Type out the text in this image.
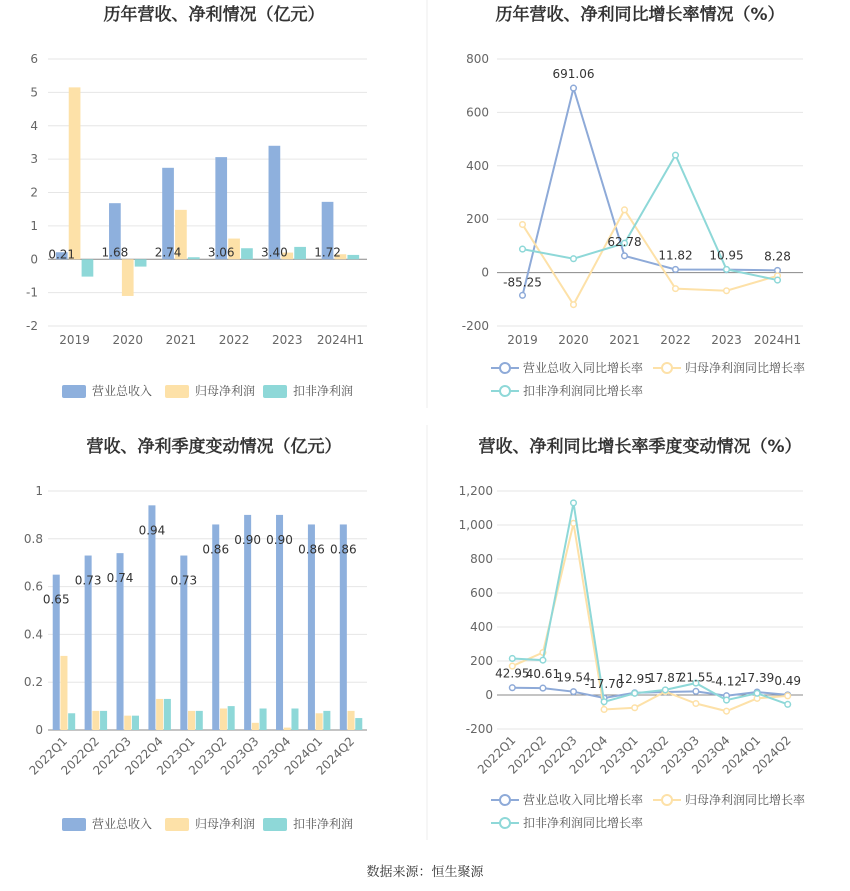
数据来源：恒生聚源
历年营收、净利情况（亿元）
-2
-1
0
1
2
3
4
5
6
2019 2020 2021 2022 2023 2024H1
0.21 1.68 2.74 3.06 3.40 1.72
营业总收入	归母净利润	扣非净利润
历年营收、净利同比增长率情况（%）
-200
0
200
400
600
800
2019 2020 2021 2022 2023 2024H1
-85.25
691.06
62.78
11.82 10.95 8.28
营业总收入同比增长率	归母净利润同比增长率
扣非净利润同比增长率
营收、净利季度变动情况（亿元）
0
0.2
0.4
0.6
0.8
1
2022Q1
2022Q2
2022Q3
2022Q4
2023Q1
2023Q2
2023Q3
2023Q4
2024Q1
2024Q2
0.65
0.73 0.74
0.94
0.73
0.86
0.90 0.90
0.86 0.86
营业总收入	归母净利润	扣非净利润
营收、净利同比增长率季度变动情况（%）
-200
0
200
400
600
800
1,000
1,200
2022Q1
2022Q2
2022Q3
2022Q4
2023Q1
2023Q2
2023Q3
2023Q4
2024Q1
2024Q2
42.95
40.61
19.54
-17.70
12.95
17.87
21.55
-4.12
17.39 0.49
营业总收入同比增长率	归母净利润同比增长率
扣非净利润同比增长率
